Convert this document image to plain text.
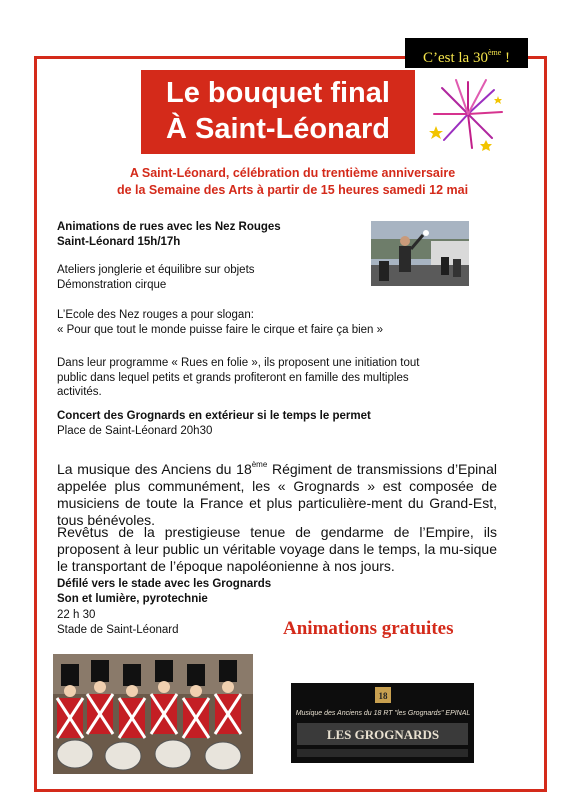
C’est la 30ème !
Le bouquet final
À Saint-Léonard
A Saint-Léonard, célébration du trentième anniversaire
de la Semaine des Arts à partir de 15 heures samedi 12 mai
Animations de rues avec les Nez Rouges
Saint-Léonard 15h/17h
Ateliers jonglerie et équilibre sur objets
Démonstration cirque
L’Ecole des Nez rouges a pour slogan:
« Pour que tout le monde puisse faire le cirque et faire ça bien »
Dans leur programme « Rues en folie », ils proposent une initiation tout
public dans lequel petits et grands profiteront en famille des multiples
activités.
Concert des Grognards en extérieur si le temps le permet
Place de Saint-Léonard 20h30
La musique des Anciens du 18ème Régiment de transmissions d’Epinal appelée plus communément, les « Grognards » est composée de musiciens de toute la France et plus particulière-ment du Grand-Est, tous bénévoles.
Revêtus de la prestigieuse tenue de gendarme de l’Empire, ils proposent à leur public un véritable voyage dans le temps, la mu-sique le transportant de l’époque napoléonienne à nos jours.
Défilé vers le stade avec les Grognards
Son et lumière, pyrotechnie
22 h 30
Stade de Saint-Léonard	Animations gratuites
18
Musique des Anciens du 18 RT "les Grognards" EPINAL
LES GROGNARDS
